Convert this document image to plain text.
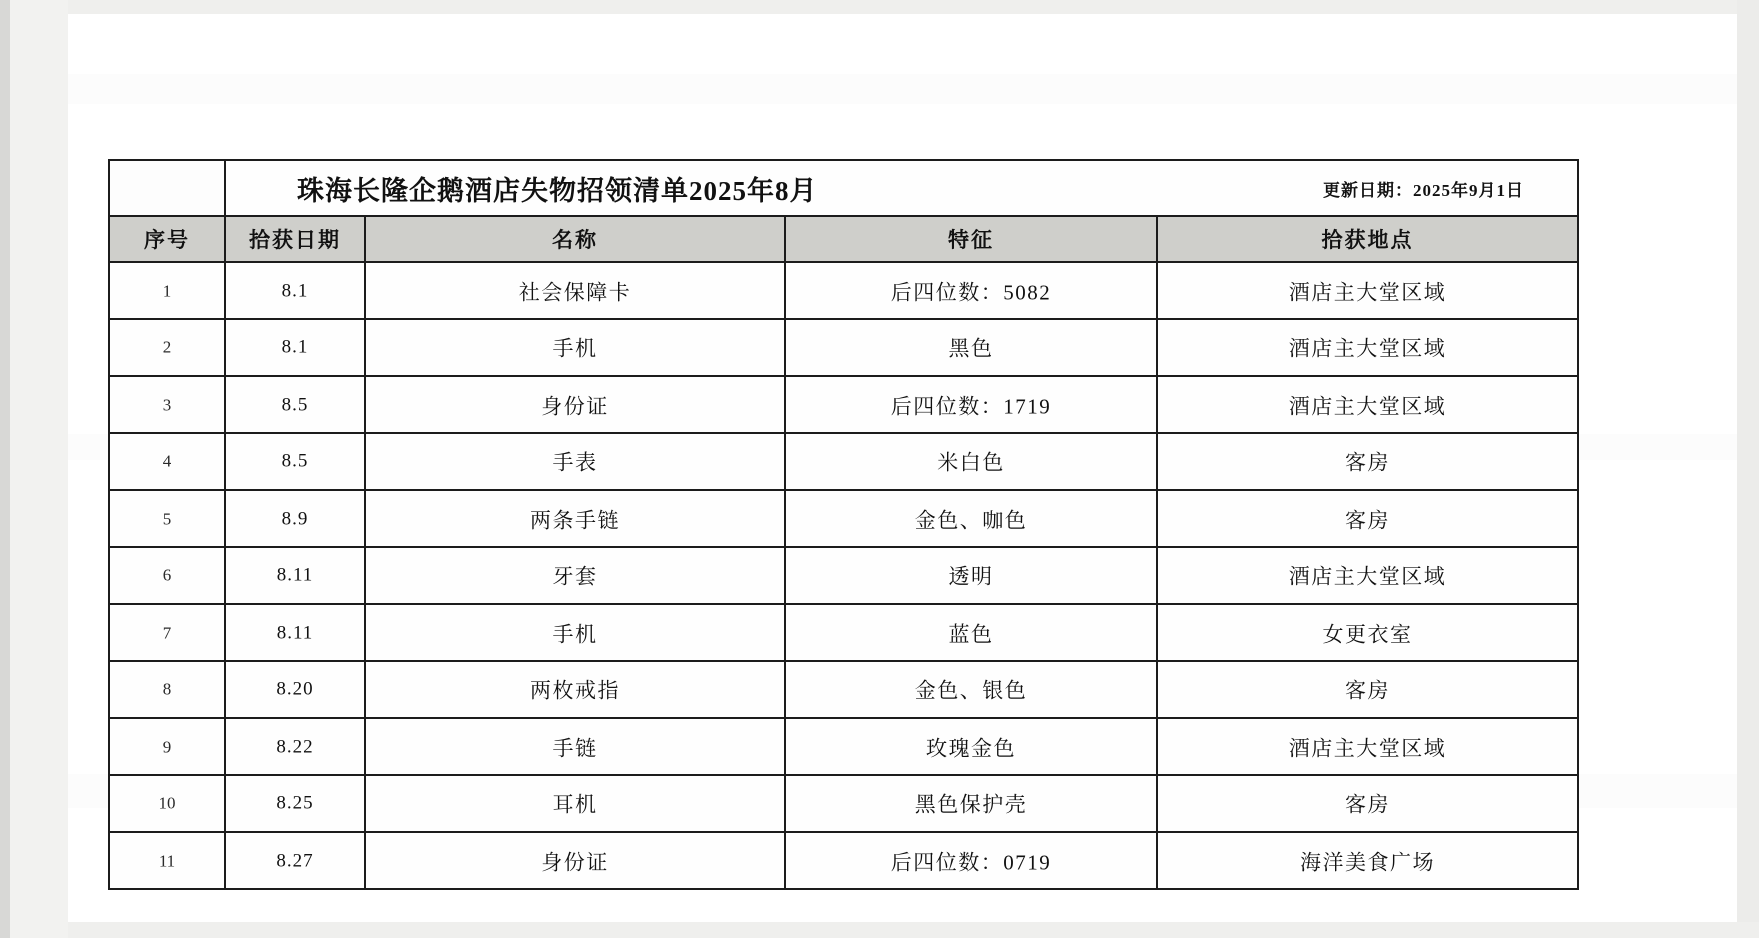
	珠海长隆企鹅酒店失物招领清单2025年8月 更新日期：2025年9月1日			

序号	拾获日期	名称	特征	拾获地点
1	8.1	社会保障卡	后四位数：5082	酒店主大堂区域
2	8.1	手机	黑色	酒店主大堂区域
3	8.5	身份证	后四位数：1719	酒店主大堂区域
4	8.5	手表	米白色	客房
5	8.9	两条手链	金色、咖色	客房
6	8.11	牙套	透明	酒店主大堂区域
7	8.11	手机	蓝色	女更衣室
8	8.20	两枚戒指	金色、银色	客房
9	8.22	手链	玫瑰金色	酒店主大堂区域
10	8.25	耳机	黑色保护壳	客房
11	8.27	身份证	后四位数：0719	海洋美食广场
